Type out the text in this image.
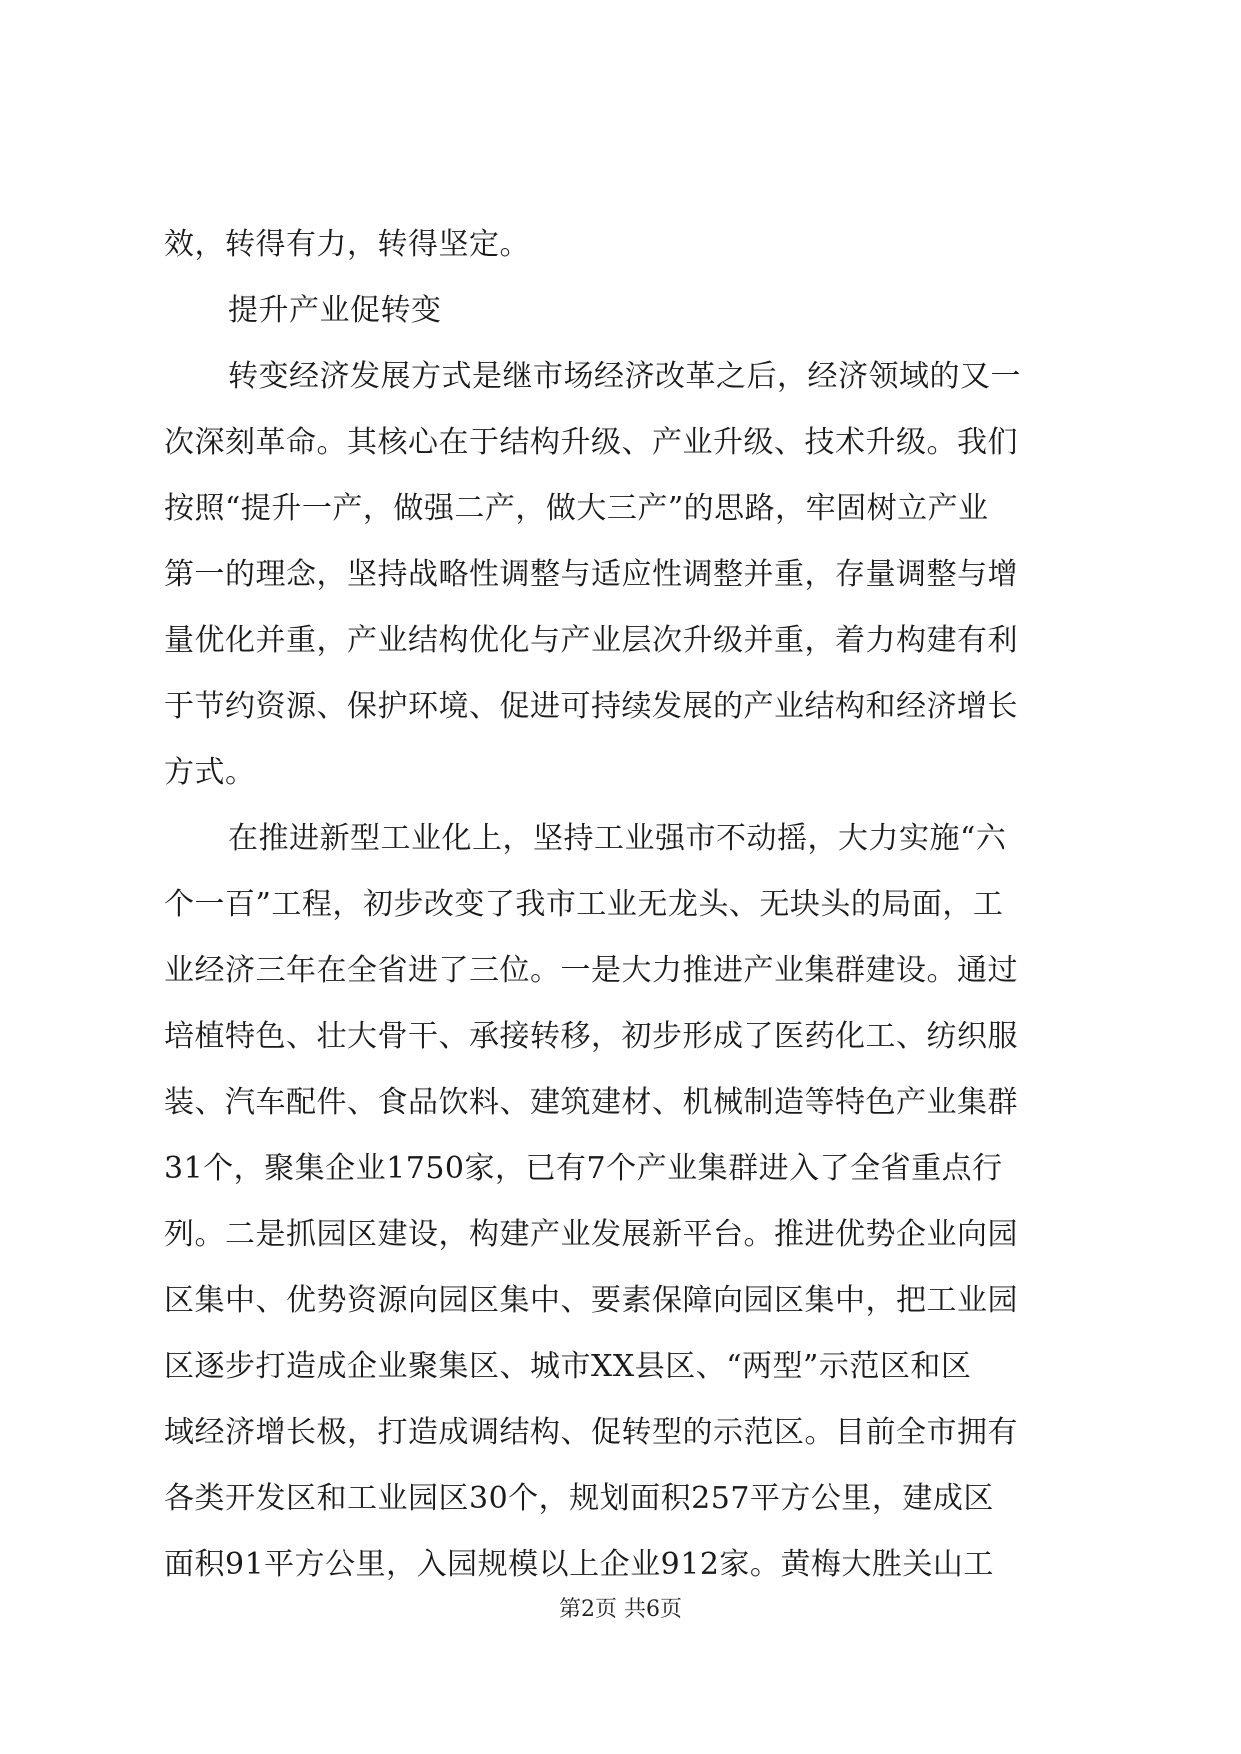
效，转得有力，转得坚定。
提升产业促转变
转变经济发展方式是继市场经济改革之后，经济领域的又一
次深刻革命。其核心在于结构升级、产业升级、技术升级。我们
按照“提升一产，做强二产，做大三产”的思路，牢固树立产业
第一的理念，坚持战略性调整与适应性调整并重，存量调整与增
量优化并重，产业结构优化与产业层次升级并重，着力构建有利
于节约资源、保护环境、促进可持续发展的产业结构和经济增长
方式。
在推进新型工业化上，坚持工业强市不动摇，大力实施“六
个一百”工程，初步改变了我市工业无龙头、无块头的局面，工
业经济三年在全省进了三位。一是大力推进产业集群建设。通过
培植特色、壮大骨干、承接转移，初步形成了医药化工、纺织服
装、汽车配件、食品饮料、建筑建材、机械制造等特色产业集群
31个，聚集企业1750家，已有7个产业集群进入了全省重点行
列。二是抓园区建设，构建产业发展新平台。推进优势企业向园
区集中、优势资源向园区集中、要素保障向园区集中，把工业园
区逐步打造成企业聚集区、城市XX县区、“两型”示范区和区
域经济增长极，打造成调结构、促转型的示范区。目前全市拥有
各类开发区和工业园区30个，规划面积257平方公里，建成区
面积91平方公里，入园规模以上企业912家。黄梅大胜关山工
第2页 共6页
